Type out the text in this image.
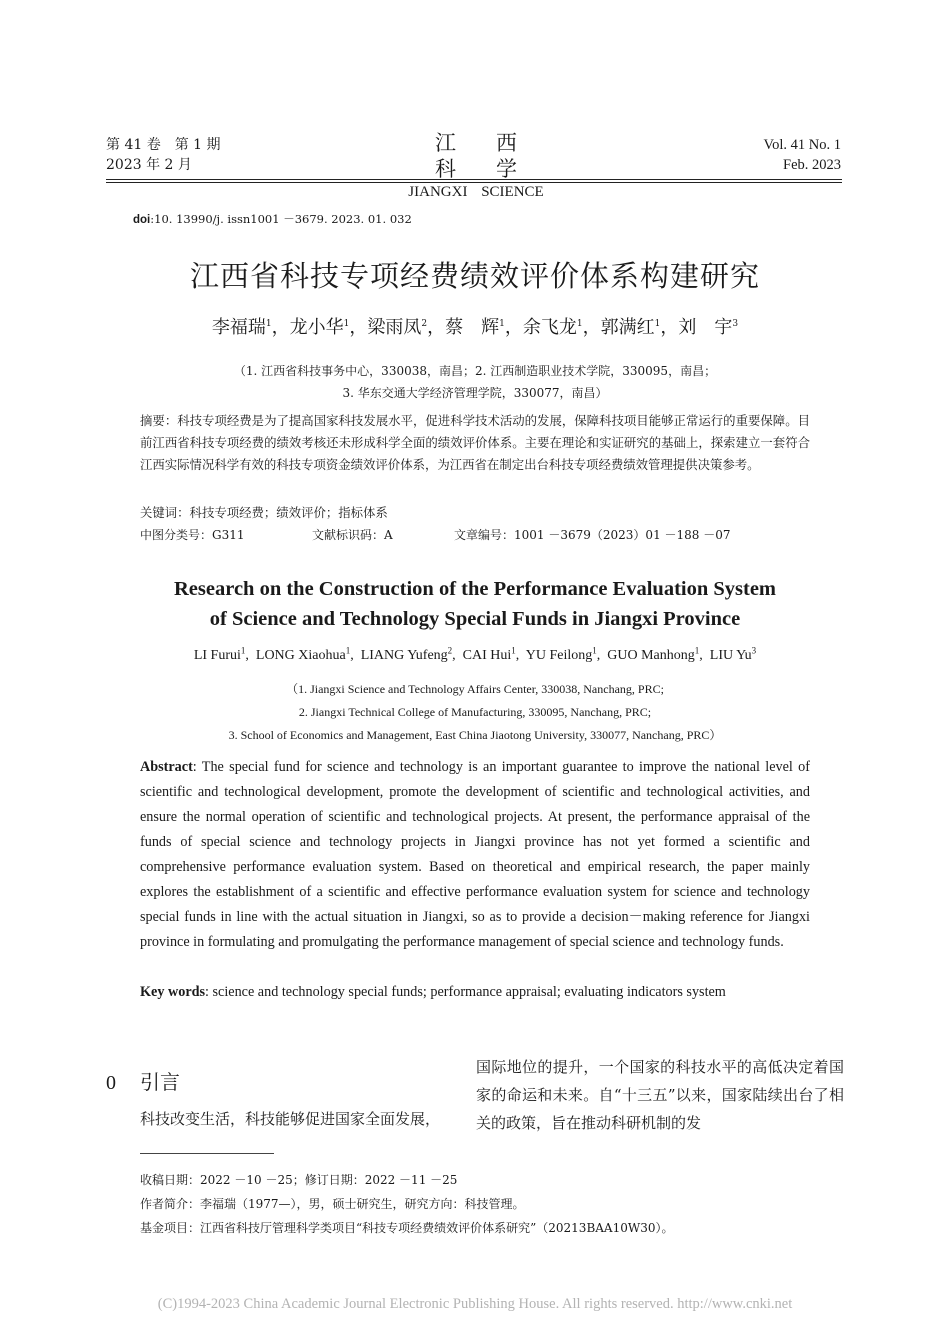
第 41 卷　第 1 期
2023 年 2 月
江西科学
JIANGXI SCIENCE
Vol. 41 No. 1
Feb. 2023
doi:10. 13990/j. issn1001 －3679. 2023. 01. 032
江西省科技专项经费绩效评价体系构建研究
李福瑞$^1$，龙小华$^1$，梁雨凤$^2$，蔡　辉$^1$，余飞龙$^1$，郭满红$^1$，刘　宇$^3$
（1. 江西省科技事务中心，330038，南昌；2. 江西制造职业技术学院，330095，南昌；
3. 华东交通大学经济管理学院，330077，南昌）
摘要：科技专项经费是为了提高国家科技发展水平，促进科学技术活动的发展，保障科技项目能够正常运行的重要保障。目前江西省科技专项经费的绩效考核还未形成科学全面的绩效评价体系。主要在理论和实证研究的基础上，探索建立一套符合江西实际情况科学有效的科技专项资金绩效评价体系，为江西省在制定出台科技专项经费绩效管理提供决策参考。
关键词：科技专项经费；绩效评价；指标体系
中图分类号：G311	文献标识码：A	文章编号：1001 －3679（2023）01 －188 －07
Research on the Construction of the Performance Evaluation System
of Science and Technology Special Funds in Jiangxi Province
LI Furui$^1$,  LONG Xiaohua$^1$,  LIANG Yufeng$^2$,  CAI Hui$^1$,  YU Feilong$^1$,  GUO Manhong$^1$,  LIU Yu$^3$
（1. Jiangxi Science and Technology Affairs Center, 330038, Nanchang, PRC;
2. Jiangxi Technical College of Manufacturing, 330095, Nanchang, PRC;
3. School of Economics and Management, East China Jiaotong University, 330077, Nanchang, PRC）
Abstract: The special fund for science and technology is an important guarantee to improve the national level of scientific and technological development, promote the development of scientific and technological activities, and ensure the normal operation of scientific and technological projects. At present, the performance appraisal of the funds of special science and technology projects in Jiangxi province has not yet formed a scientific and comprehensive performance evaluation system. Based on theoretical and empirical research, the paper mainly explores the establishment of a scientific and effective performance evaluation system for science and technology special funds in line with the actual situation in Jiangxi, so as to provide a decision－making reference for Jiangxi province in formulating and promulgating the performance management of special science and technology funds.
Key words: science and technology special funds; performance appraisal; evaluating indicators system
0 引言
科技改变生活，科技能够促进国家全面发展，
国际地位的提升，一个国家的科技水平的高低决定着国家的命运和未来。自“十三五”以来，国家陆续出台了相关的政策，旨在推动科研机制的发
收稿日期：2022 －10 －25；修订日期：2022 －11 －25
作者简介：李福瑞（1977—），男，硕士研究生，研究方向：科技管理。
基金项目：江西省科技厅管理科学类项目“科技专项经费绩效评价体系研究”（20213BAA10W30）。
(C)1994-2023 China Academic Journal Electronic Publishing House. All rights reserved. http://www.cnki.net
